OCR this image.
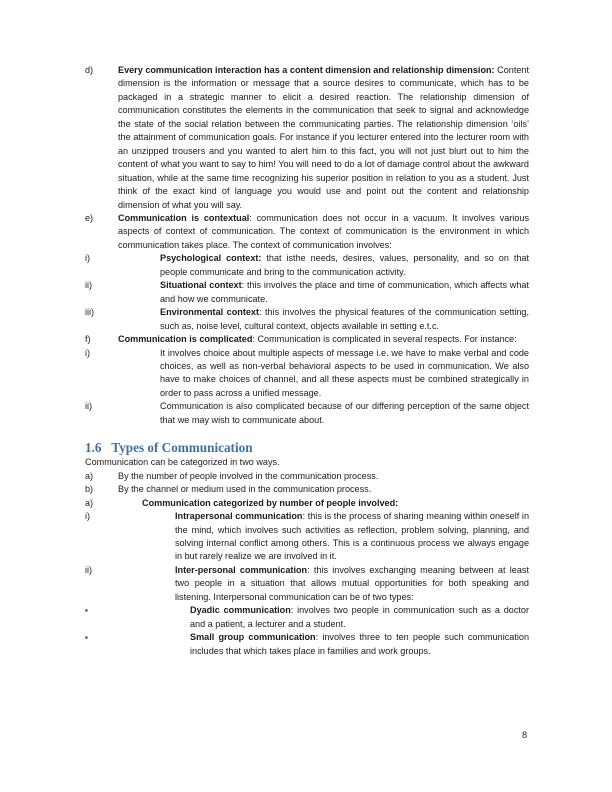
d)	Every communication interaction has a content dimension and relationship dimension: Content dimension is the information or message that a source desires to communicate, which has to be packaged in a strategic manner to elicit a desired reaction. The relationship dimension of communication constitutes the elements in the communication that seek to signal and acknowledge the state of the social relation between the communicating parties. The relationship dimension ‘oils’ the attainment of communication goals. For instance if you lecturer entered into the lecturer room with an unzipped trousers and you wanted to alert him to this fact, you will not just blurt out to him the content of what you want to say to him! You will need to do a lot of damage control about the awkward situation, while at the same time recognizing his superior position in relation to you as a student. Just think of the exact kind of language you would use and point out the content and relationship dimension of what you will say.
e)	Communication is contextual: communication does not occur in a vacuum. It involves various aspects of context of communication. The context of communication is the environment in which communication takes place. The context of communication involves:
i)	Psychological context: that isthe needs, desires, values, personality, and so on that people communicate and bring to the communication activity.
ii)	Situational context: this involves the place and time of communication, which affects what and how we communicate.
iii)	Environmental context: this involves the physical features of the communication setting, such as, noise level, cultural context, objects available in setting e.t.c.
f)	Communication is complicated: Communication is complicated in several respects. For instance:
i)	It involves choice about multiple aspects of message i.e. we have to make verbal and code choices, as well as non-verbal behavioral aspects to be used in communication. We also have to make choices of channel, and all these aspects must be combined strategically in order to pass across a unified message.
ii)	Communication is also complicated because of our differing perception of the same object that we may wish to communicate about.
1.6	Types of Communication
Communication can be categorized in two ways.
a)	By the number of people involved in the communication process.
b)	By the channel or medium used in the communication process.
a)	Communication categorized by number of people involved:
i)	Intrapersonal communication: this is the process of sharing meaning within oneself in the mind, which involves such activities as reflection, problem solving, planning, and solving internal conflict among others. This is a continuous process we always engage in but rarely realize we are involved in it.
ii)	Inter-personal communication: this involves exchanging meaning between at least two people in a situation that allows mutual opportunities for both speaking and listening. Interpersonal communication can be of two types:
▪	Dyadic communication: involves two people in communication such as a doctor and a patient, a lecturer and a student.
▪	Small group communication: involves three to ten people such communication includes that which takes place in families and work groups.
8
